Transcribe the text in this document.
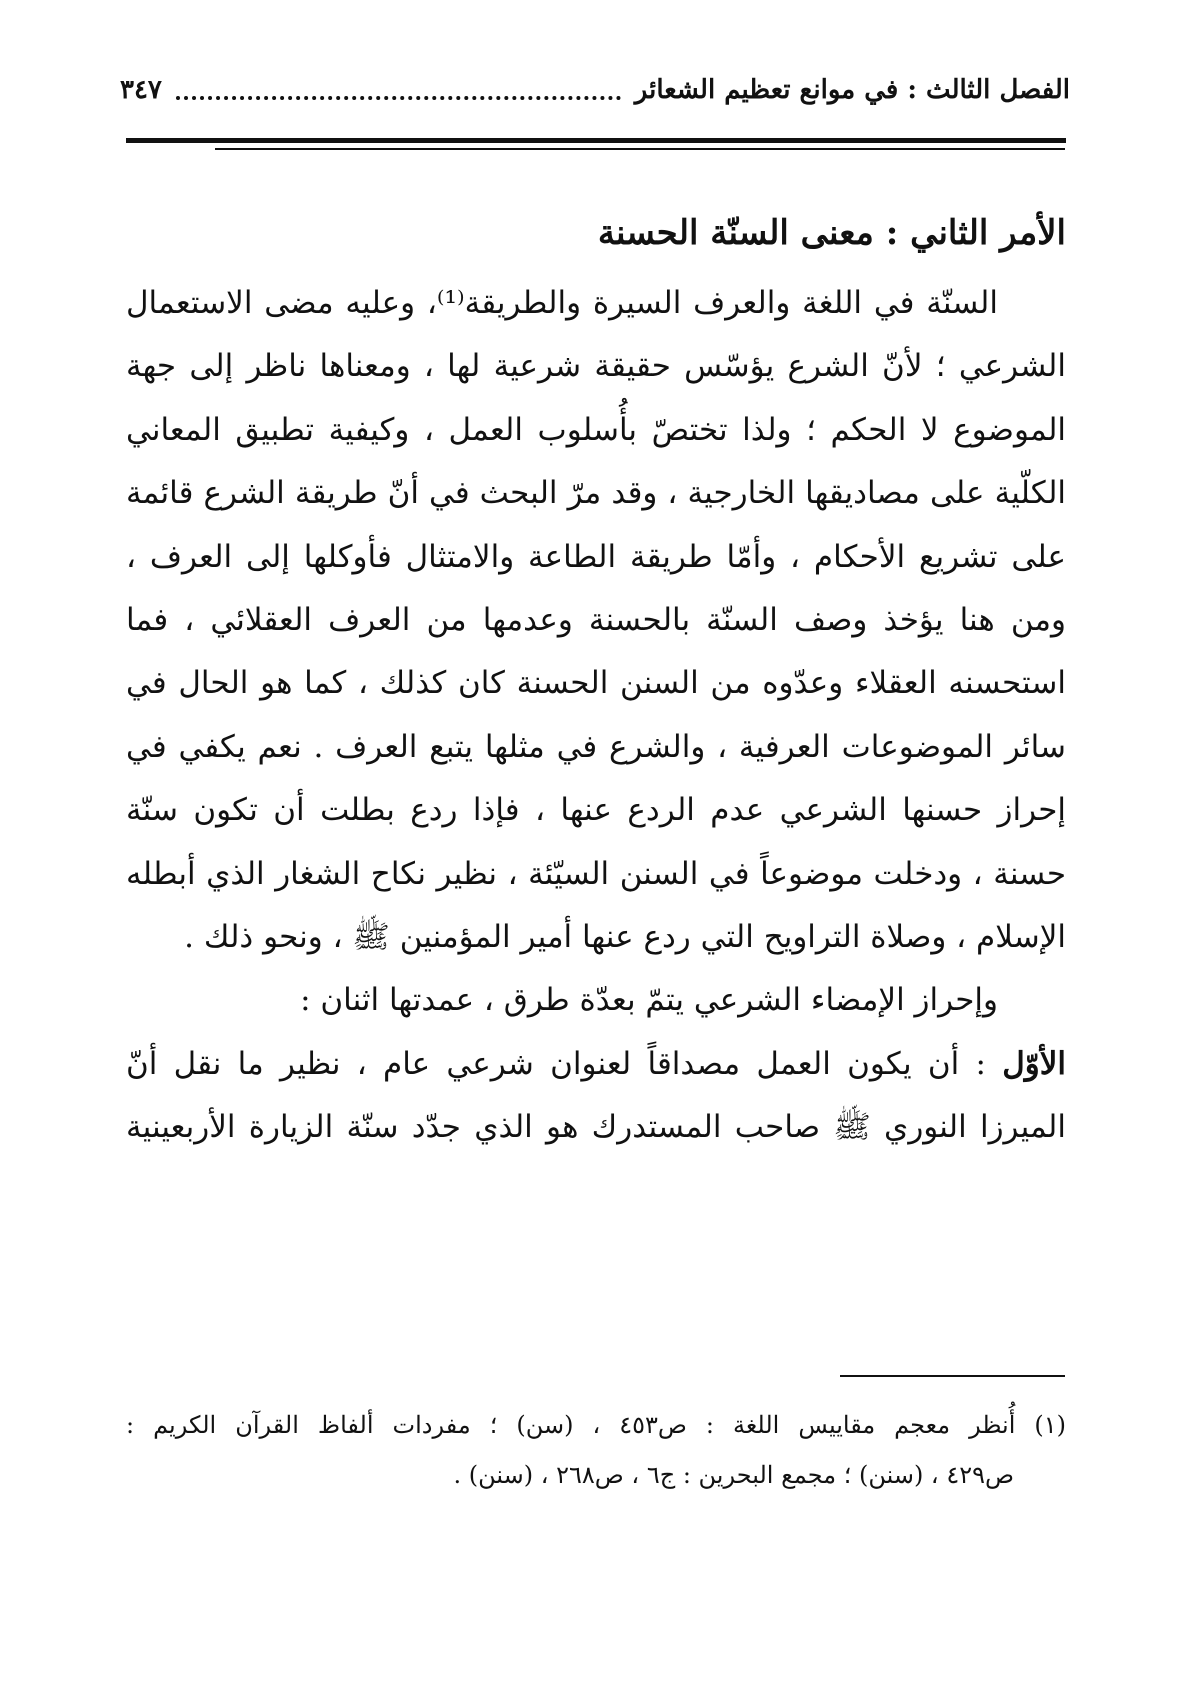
الفصل الثالث : في موانع تعظيم الشعائر
٣٤٧
الأمر الثاني : معنى السنّة الحسنة
السنّة في اللغة والعرف السيرة والطريقة⁽¹⁾، وعليه مضى الاستعمال
الشرعي ؛ لأنّ الشرع يؤسّس حقيقة شرعية لها ، ومعناها ناظر إلى جهة
الموضوع لا الحكم ؛ ولذا تختصّ بأُسلوب العمل ، وكيفية تطبيق المعاني
الكلّية على مصاديقها الخارجية ، وقد مرّ البحث في أنّ طريقة الشرع قائمة
على تشريع الأحكام ، وأمّا طريقة الطاعة والامتثال فأوكلها إلى العرف ،
ومن هنا يؤخذ وصف السنّة بالحسنة وعدمها من العرف العقلائي ، فما
استحسنه العقلاء وعدّوه من السنن الحسنة كان كذلك ، كما هو الحال في
سائر الموضوعات العرفية ، والشرع في مثلها يتبع العرف . نعم يكفي في
إحراز حسنها الشرعي عدم الردع عنها ، فإذا ردع بطلت أن تكون سنّة
حسنة ، ودخلت موضوعاً في السنن السيّئة ، نظير نكاح الشغار الذي أبطله
الإسلام ، وصلاة التراويح التي ردع عنها أمير المؤمنين ﷺ ، ونحو ذلك .
وإحراز الإمضاء الشرعي يتمّ بعدّة طرق ، عمدتها اثنان :
الأوّل : أن يكون العمل مصداقاً لعنوان شرعي عام ، نظير ما نقل أنّ
الميرزا النوري ﷺ صاحب المستدرك هو الذي جدّد سنّة الزيارة الأربعينية
(١) أُنظر معجم مقاييس اللغة : ص٤٥٣ ، (سن) ؛ مفردات ألفاظ القرآن الكريم :
ص٤٢٩ ، (سنن) ؛ مجمع البحرين : ج٦ ، ص٢٦٨ ، (سنن) .
